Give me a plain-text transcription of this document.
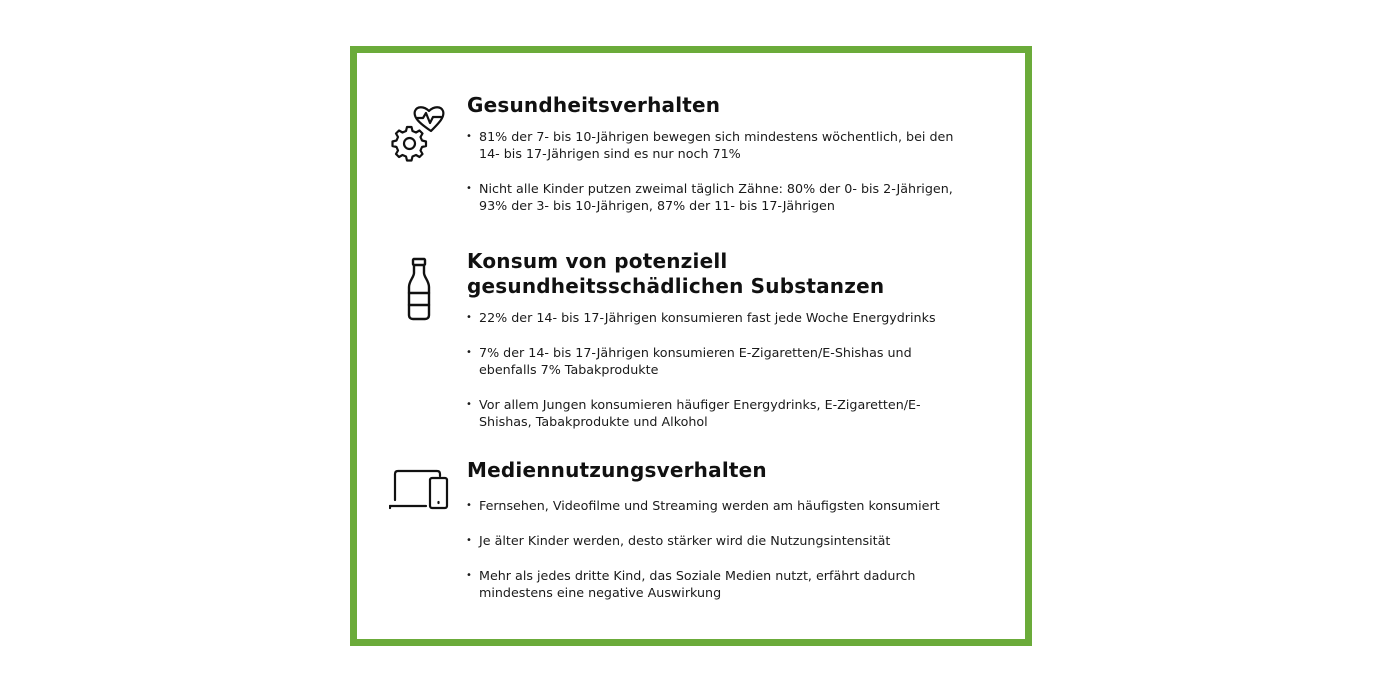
Gesundheitsverhalten
• 81% der 7- bis 10-Jährigen bewegen sich mindestens wöchentlich, bei den 14- bis 17-Jährigen sind es nur noch 71%
• Nicht alle Kinder putzen zweimal täglich Zähne: 80% der 0- bis 2-Jährigen, 93% der 3- bis 10-Jährigen, 87% der 11- bis 17-Jährigen
Konsum von potenziell gesundheitsschädlichen Substanzen
• 22% der 14- bis 17-Jährigen konsumieren fast jede Woche Energydrinks
• 7% der 14- bis 17-Jährigen konsumieren E-Zigaretten/E-Shishas und ebenfalls 7% Tabakprodukte
• Vor allem Jungen konsumieren häufiger Energydrinks, E-Zigaretten/E-Shishas, Tabakprodukte und Alkohol
Mediennutzungsverhalten
• Fernsehen, Videofilme und Streaming werden am häufigsten konsumiert
• Je älter Kinder werden, desto stärker wird die Nutzungsintensität
• Mehr als jedes dritte Kind, das Soziale Medien nutzt, erfährt dadurch mindestens eine negative Auswirkung
